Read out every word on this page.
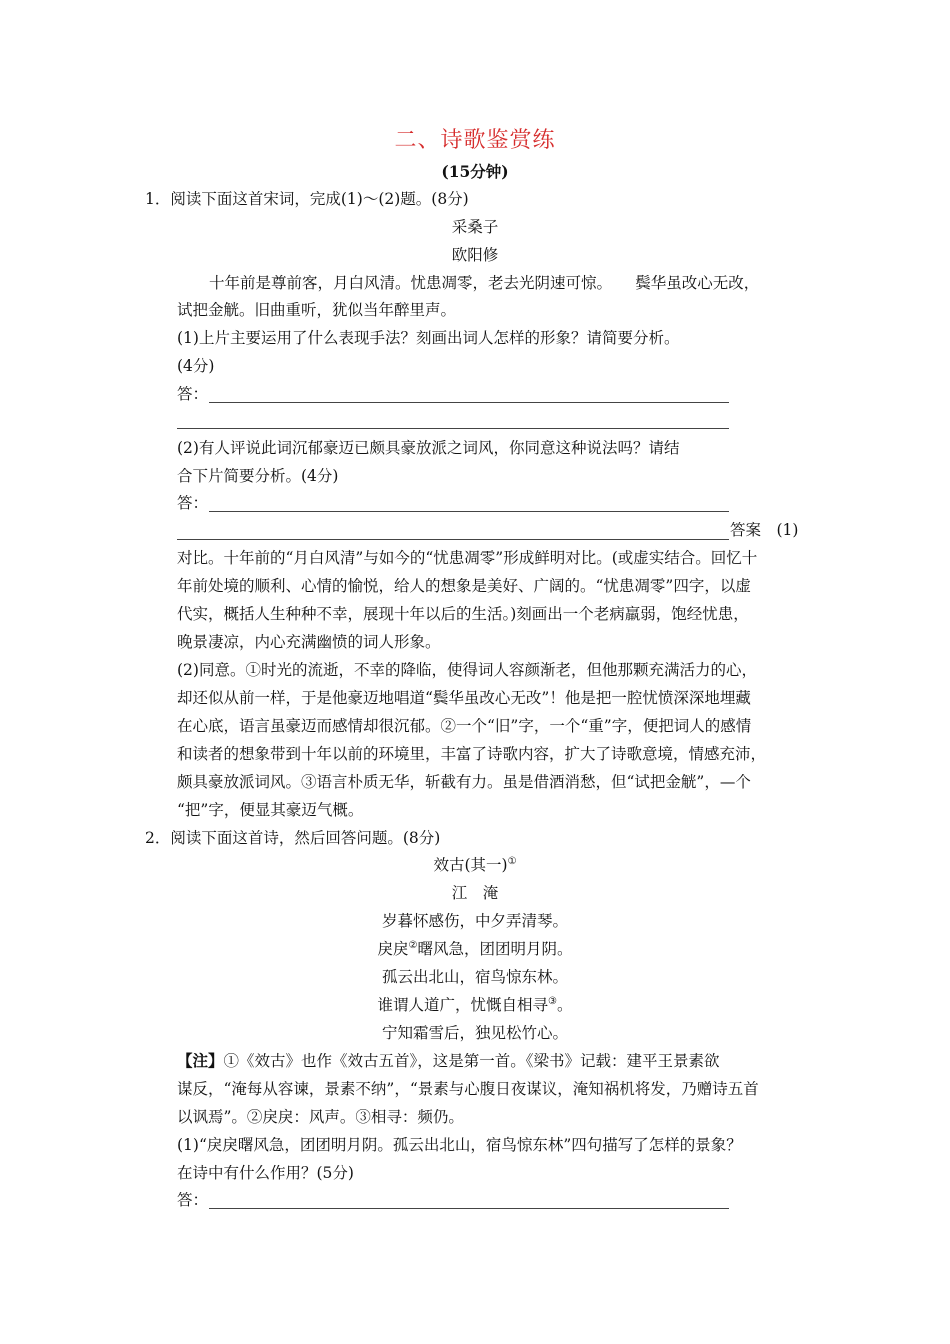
二、诗歌鉴赏练
(15分钟)
1．阅读下面这首宋词，完成(1)～(2)题。(8分)
采桑子
欧阳修
十年前是尊前客，月白风清。忧患凋零，老去光阴速可惊。　　鬓华虽改心无改，
试把金觥。旧曲重听，犹似当年醉里声。
(1)上片主要运用了什么表现手法？刻画出词人怎样的形象？请简要分析。
(4分)
答：
(2)有人评说此词沉郁豪迈已颇具豪放派之词风，你同意这种说法吗？请结
合下片简要分析。(4分)
答：
答案　(1)
对比。十年前的“月白风清”与如今的“忧患凋零”形成鲜明对比。(或虚实结合。回忆十
年前处境的顺利、心情的愉悦，给人的想象是美好、广阔的。“忧患凋零”四字，以虚
代实，概括人生种种不幸，展现十年以后的生活。)刻画出一个老病羸弱，饱经忧患，
晚景凄凉，内心充满幽愤的词人形象。
(2)同意。①时光的流逝，不幸的降临，使得词人容颜渐老，但他那颗充满活力的心，
却还似从前一样，于是他豪迈地唱道“鬓华虽改心无改”！他是把一腔忧愤深深地埋藏
在心底，语言虽豪迈而感情却很沉郁。②一个“旧”字，一个“重”字，便把词人的感情
和读者的想象带到十年以前的环境里，丰富了诗歌内容，扩大了诗歌意境，情感充沛，
颇具豪放派词风。③语言朴质无华，斩截有力。虽是借酒消愁，但“试把金觥”，—个
“把”字，便显其豪迈气概。
2．阅读下面这首诗，然后回答问题。(8分)
效古(其一)①
江　淹
岁暮怀感伤，中夕弄清琴。
戾戾②曙风急，团团明月阴。
孤云出北山，宿鸟惊东林。
谁谓人道广，忧慨自相寻③。
宁知霜雪后，独见松竹心。
【注】①《效古》也作《效古五首》，这是第一首。《梁书》记载：建平王景素欲
谋反，“淹每从容谏，景素不纳”，“景素与心腹日夜谋议，淹知祸机将发，乃赠诗五首
以讽焉”。②戾戾：风声。③相寻：频仍。
(1)“戾戾曙风急，团团明月阴。孤云出北山，宿鸟惊东林”四句描写了怎样的景象？
在诗中有什么作用？(5分)
答：
